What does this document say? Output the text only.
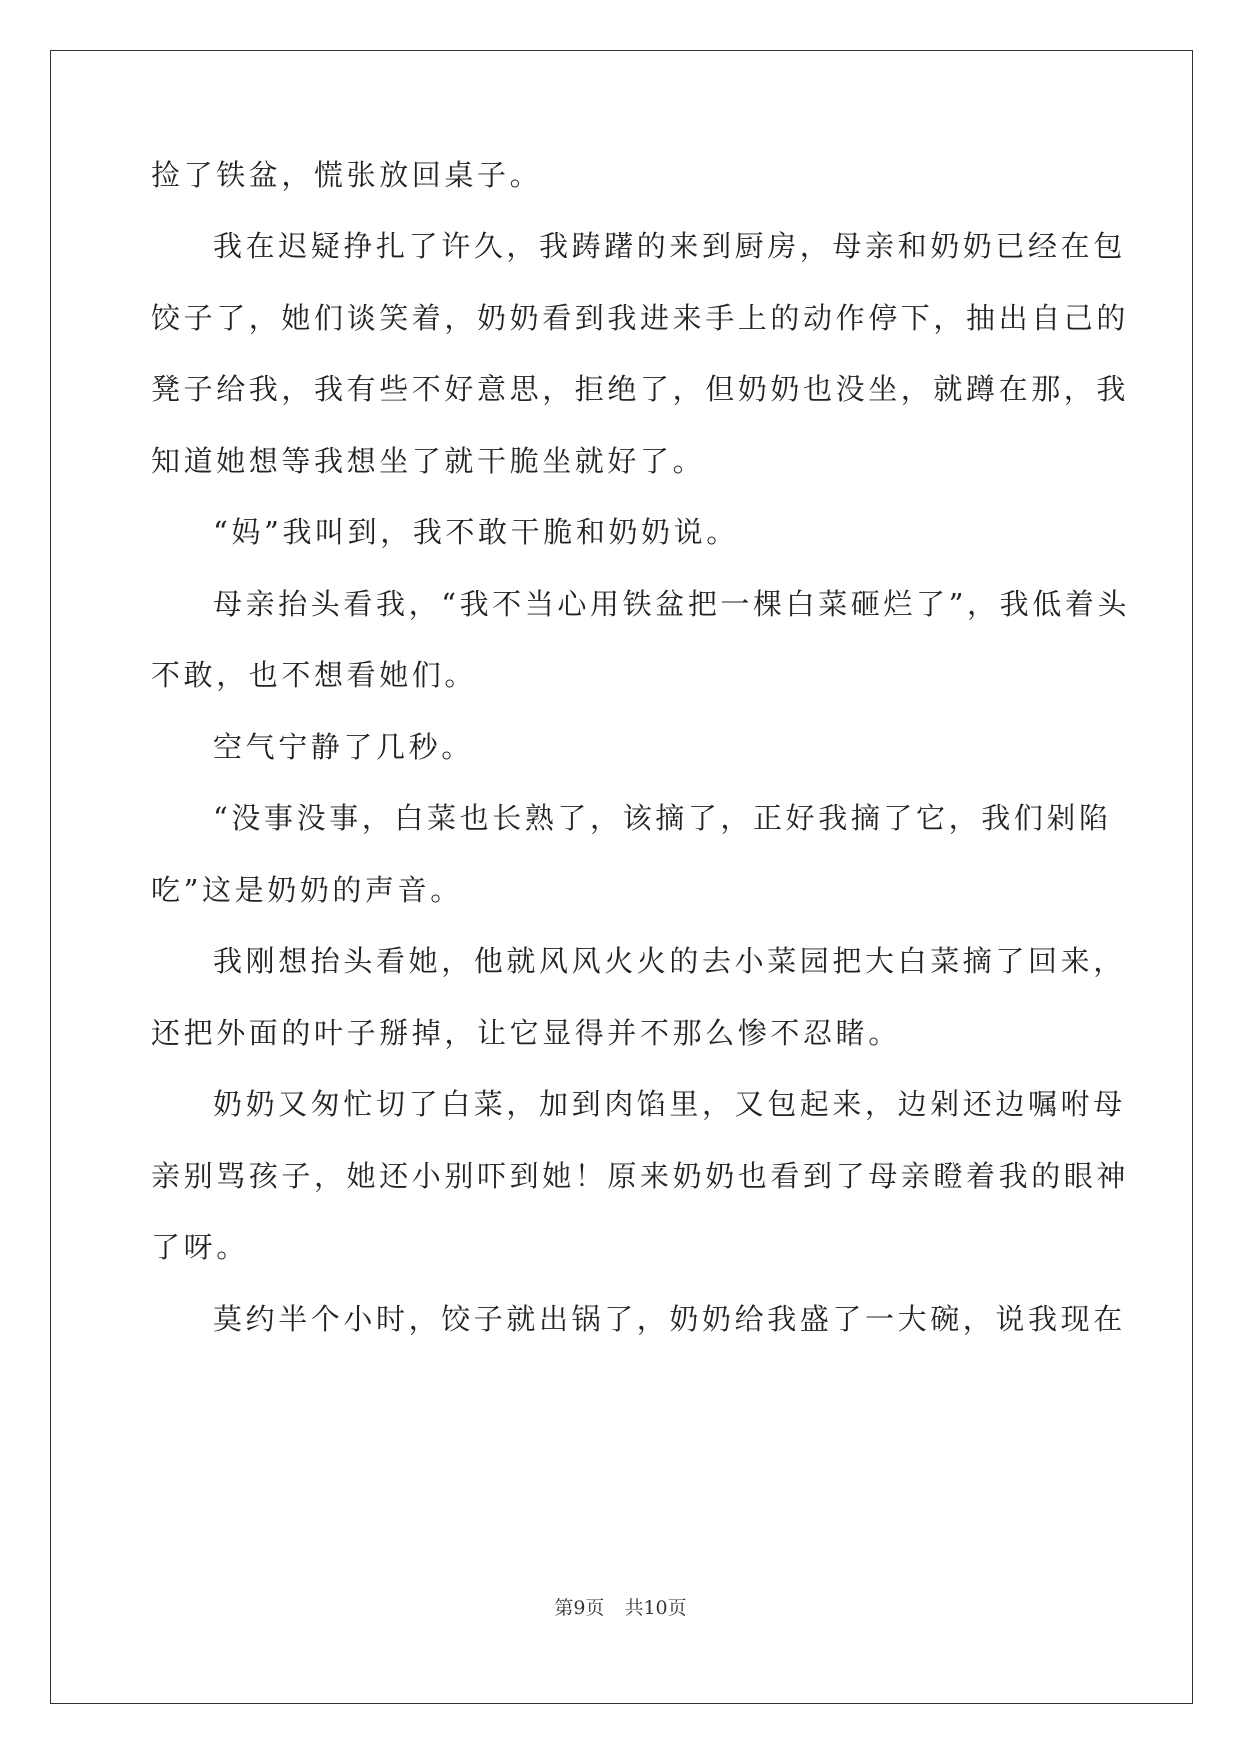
捡了铁盆，慌张放回桌子。
我在迟疑挣扎了许久，我踌躇的来到厨房，母亲和奶奶已经在包
饺子了，她们谈笑着，奶奶看到我进来手上的动作停下，抽出自己的
凳子给我，我有些不好意思，拒绝了，但奶奶也没坐，就蹲在那，我
知道她想等我想坐了就干脆坐就好了。
“妈”我叫到，我不敢干脆和奶奶说。
母亲抬头看我，“我不当心用铁盆把一棵白菜砸烂了”，我低着头
不敢，也不想看她们。
空气宁静了几秒。
“没事没事，白菜也长熟了，该摘了，正好我摘了它，我们剁陷
吃”这是奶奶的声音。
我刚想抬头看她，他就风风火火的去小菜园把大白菜摘了回来，
还把外面的叶子掰掉，让它显得并不那么惨不忍睹。
奶奶又匆忙切了白菜，加到肉馅里，又包起来，边剁还边嘱咐母
亲别骂孩子，她还小别吓到她！原来奶奶也看到了母亲瞪着我的眼神
了呀。
莫约半个小时，饺子就出锅了，奶奶给我盛了一大碗，说我现在
第9页 共10页
